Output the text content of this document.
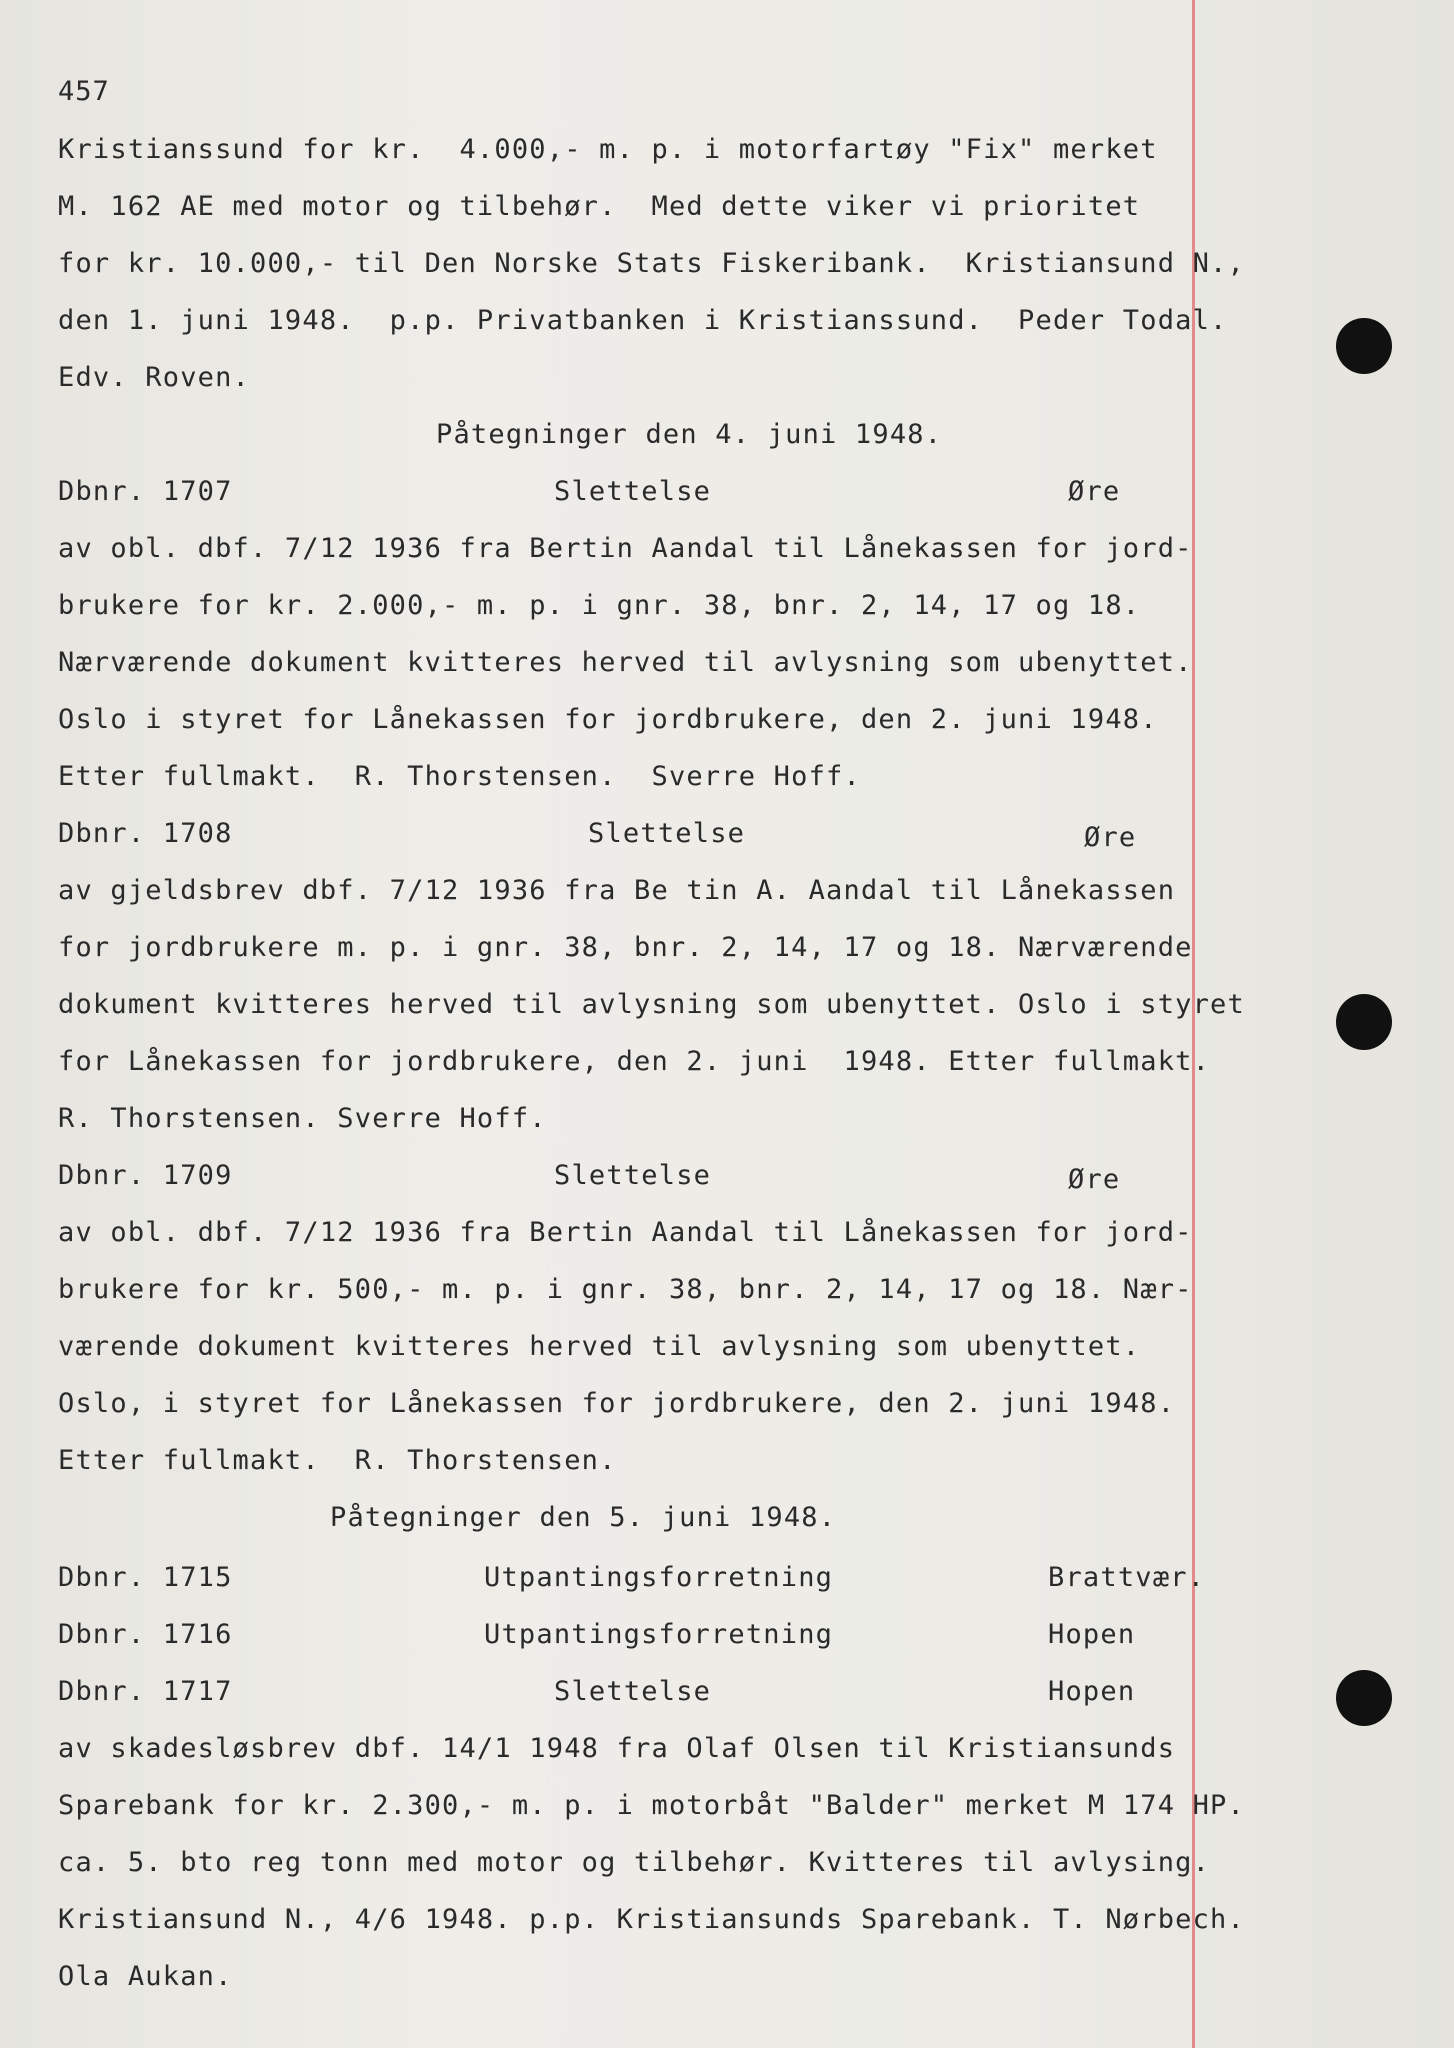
457
Kristianssund for kr.  4.000,- m. p. i motorfartøy "Fix" merket
M. 162 AE med motor og tilbehør.  Med dette viker vi prioritet
for kr. 10.000,- til Den Norske Stats Fiskeribank.  Kristiansund N.,
den 1. juni 1948.  p.p. Privatbanken i Kristianssund.  Peder Todal.
Edv. Roven.
Påtegninger den 4. juni 1948.
Dbnr. 1707	Slettelse	Øre
av obl. dbf. 7/12 1936 fra Bertin Aandal til Lånekassen for jord-
brukere for kr. 2.000,- m. p. i gnr. 38, bnr. 2, 14, 17 og 18.
Nærværende dokument kvitteres herved til avlysning som ubenyttet.
Oslo i styret for Lånekassen for jordbrukere, den 2. juni 1948.
Etter fullmakt.  R. Thorstensen.  Sverre Hoff.
Dbnr. 1708	Slettelse	Øre
av gjeldsbrev dbf. 7/12 1936 fra Be tin A. Aandal til Lånekassen
for jordbrukere m. p. i gnr. 38, bnr. 2, 14, 17 og 18. Nærværende
dokument kvitteres herved til avlysning som ubenyttet. Oslo i styret
for Lånekassen for jordbrukere, den 2. juni  1948. Etter fullmakt.
R. Thorstensen. Sverre Hoff.
Dbnr. 1709	Slettelse	Øre
av obl. dbf. 7/12 1936 fra Bertin Aandal til Lånekassen for jord-
brukere for kr. 500,- m. p. i gnr. 38, bnr. 2, 14, 17 og 18. Nær-
værende dokument kvitteres herved til avlysning som ubenyttet.
Oslo, i styret for Lånekassen for jordbrukere, den 2. juni 1948.
Etter fullmakt.  R. Thorstensen.
Påtegninger den 5. juni 1948.
Dbnr. 1715	Utpantingsforretning	Brattvær.
Dbnr. 1716	Utpantingsforretning	Hopen
Dbnr. 1717	Slettelse	Hopen
av skadesløsbrev dbf. 14/1 1948 fra Olaf Olsen til Kristiansunds
Sparebank for kr. 2.300,- m. p. i motorbåt "Balder" merket M 174 HP.
ca. 5. bto reg tonn med motor og tilbehør. Kvitteres til avlysing.
Kristiansund N., 4/6 1948. p.p. Kristiansunds Sparebank. T. Nørbech.
Ola Aukan.
